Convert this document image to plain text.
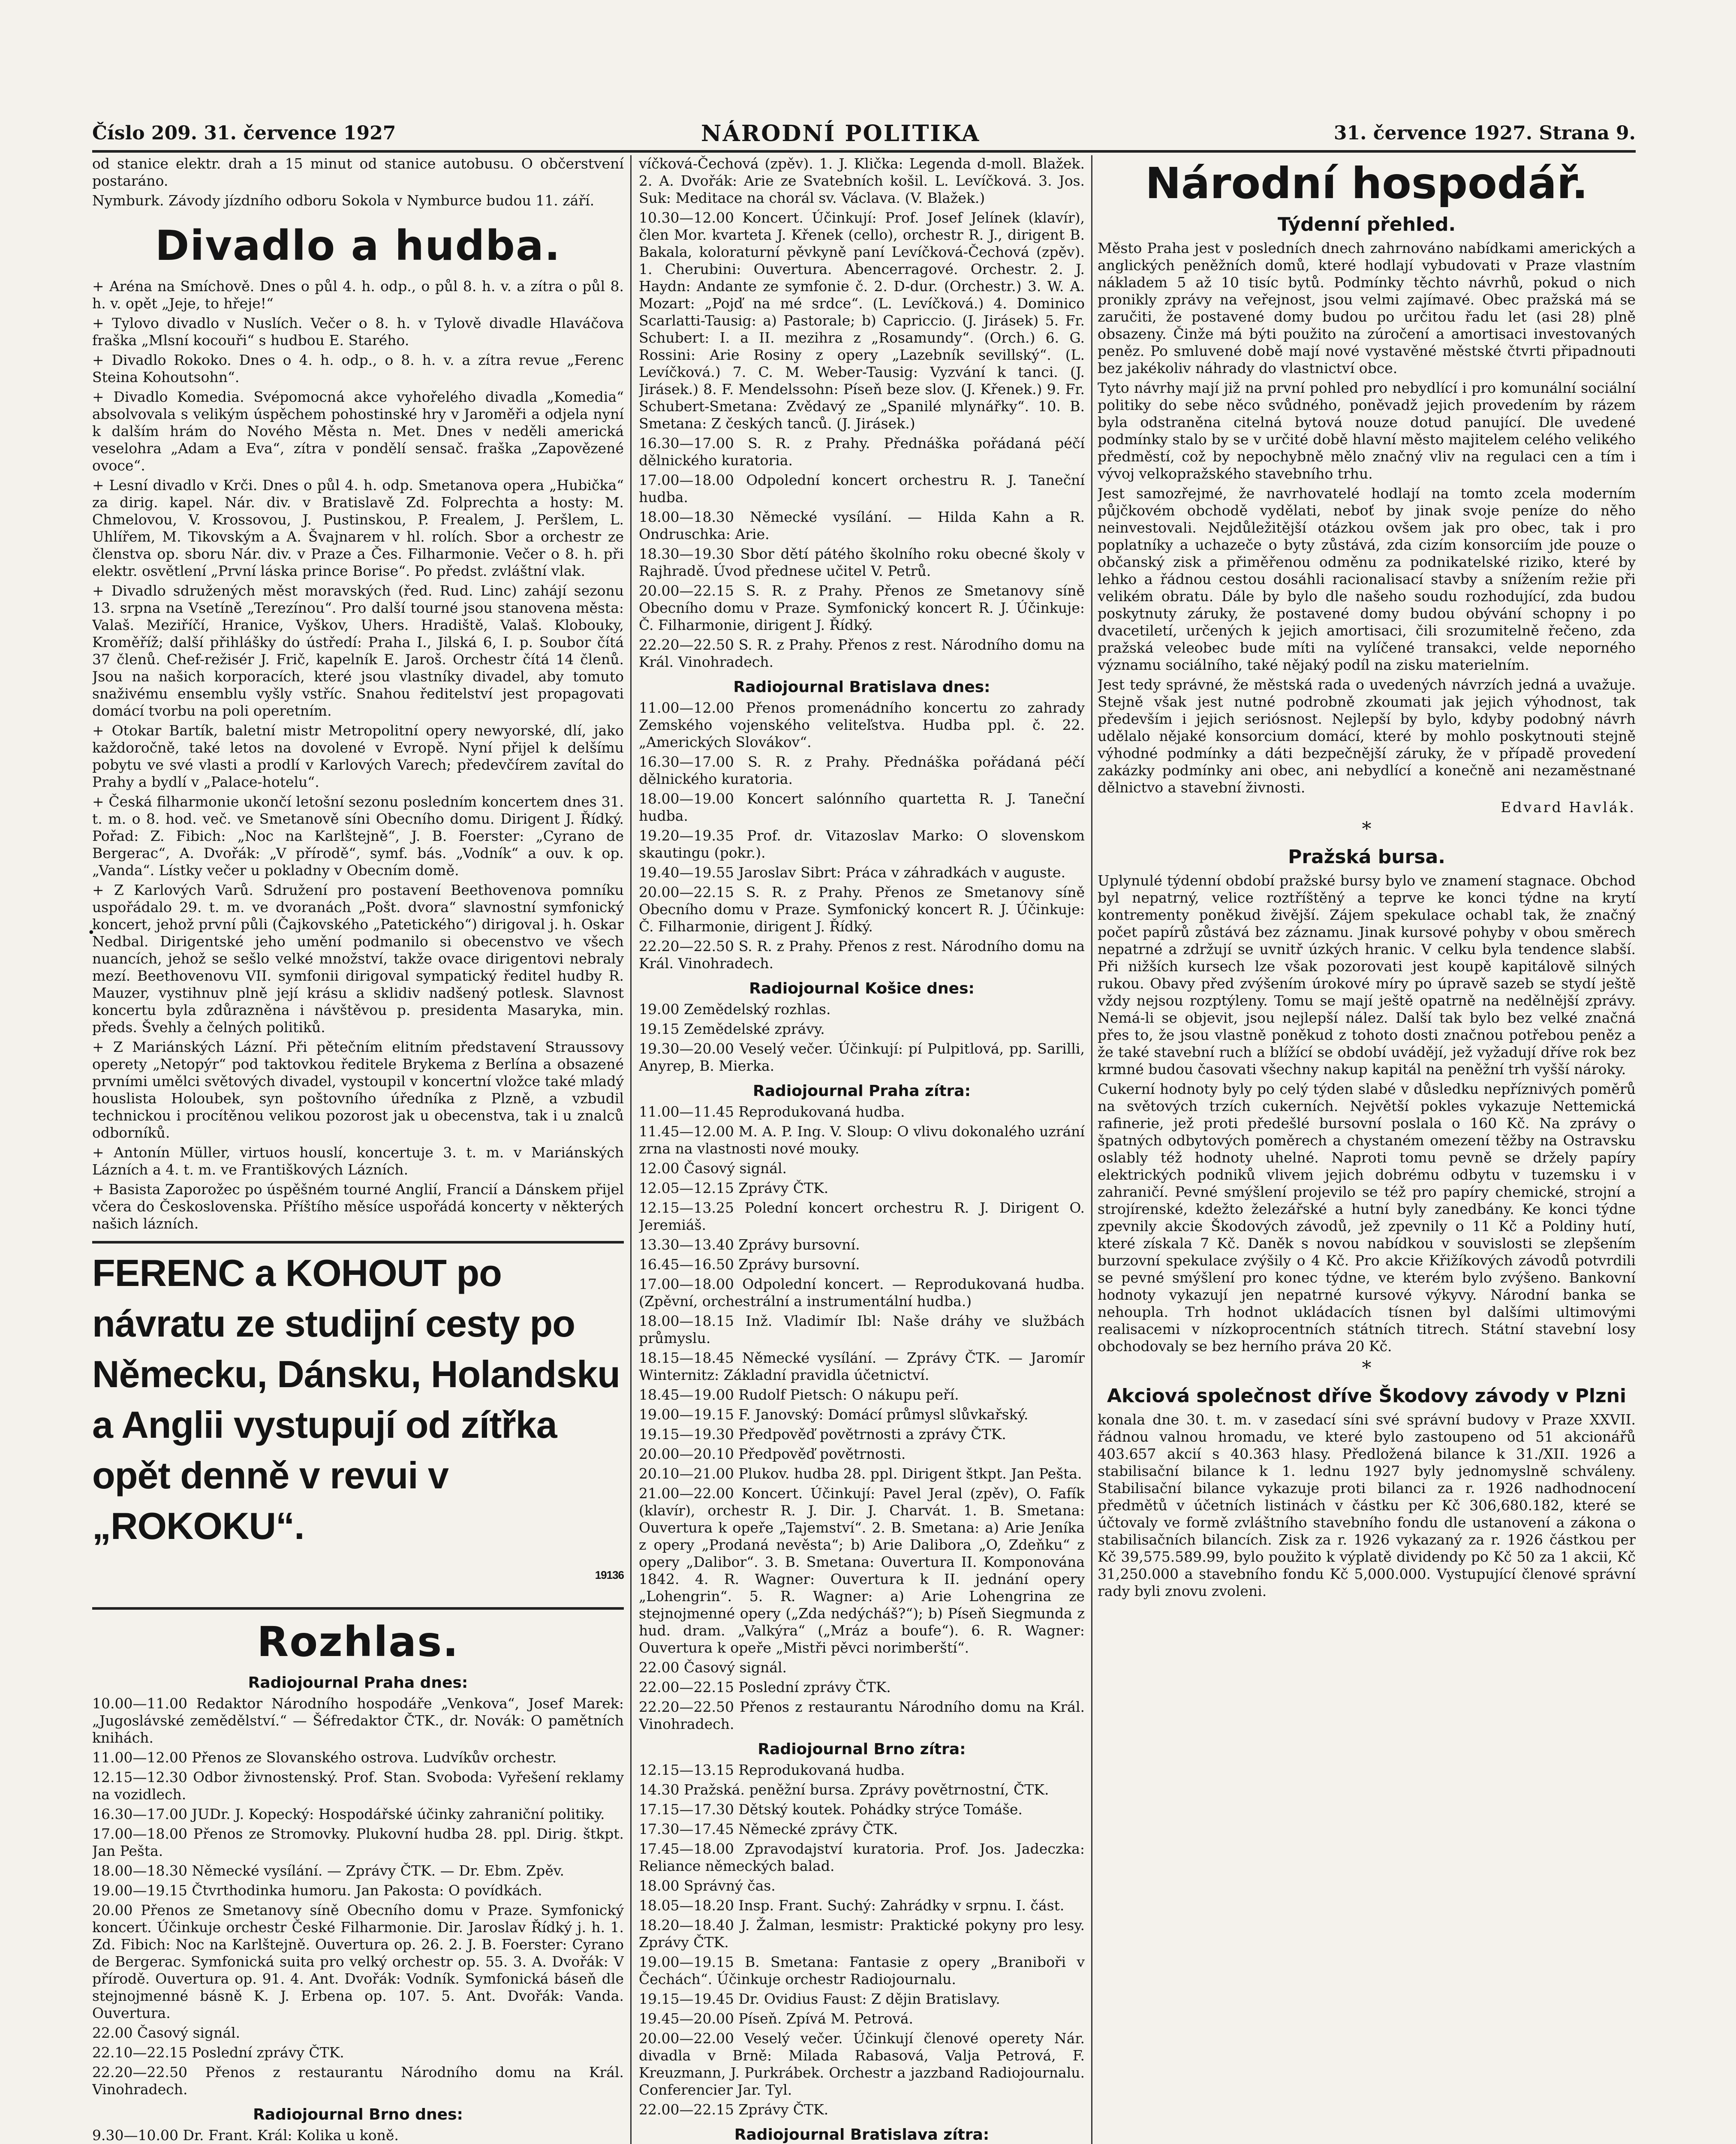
Číslo 209. 31. července 1927	NÁRODNÍ POLITIKA	31. července 1927. Strana 9.
•

od stanice elektr. drah a 15 minut od stanice autobusu. O občerstvení postaráno.

Nymburk. Závody jízdního odboru Sokola v Nymburce budou 11. září.

Divadlo a hudba.

+ Aréna na Smíchově. Dnes o půl 4. h. odp., o půl 8. h. v. a zítra o půl 8. h. v. opět „Jeje, to hřeje!“

+ Tylovo divadlo v Nuslích. Večer o 8. h. v Tylově divadle Hlaváčova fraška „Mlsní kocouři“ s hudbou E. Starého.

+ Divadlo Rokoko. Dnes o 4. h. odp., o 8. h. v. a zítra revue „Ferenc Steina Kohoutsohn“.

+ Divadlo Komedia. Svépomocná akce vyhořelého divadla „Komedia“ absolvovala s velikým úspěchem pohostinské hry v Jaroměři a odjela nyní k dalším hrám do Nového Města n. Met. Dnes v neděli americká veselohra „Adam a Eva“, zítra v pondělí sensač. fraška „Zapovězené ovoce“.

+ Lesní divadlo v Krči. Dnes o půl 4. h. odp. Smetanova opera „Hubička“ za dirig. kapel. Nár. div. v Bratislavě Zd. Folprechta a hosty: M. Chmelovou, V. Krossovou, J. Pustinskou, P. Frealem, J. Peršlem, L. Uhlířem, M. Tikovským a A. Švajnarem v hl. rolích. Sbor a orchestr ze členstva op. sboru Nár. div. v Praze a Čes. Filharmonie. Večer o 8. h. při elektr. osvětlení „První láska prince Borise“. Po předst. zvláštní vlak.

+ Divadlo sdružených měst moravských (řed. Rud. Linc) zahájí sezonu 13. srpna na Vsetíně „Terezínou“. Pro další tourné jsou stanovena města: Valaš. Meziříčí, Hranice, Vyškov, Uhers. Hradiště, Valaš. Klobouky, Kroměříž; další přihlášky do ústředí: Praha I., Jilská 6, I. p. Soubor čítá 37 členů. Chef-režisér J. Frič, kapelník E. Jaroš. Orchestr čítá 14 členů. Jsou na našich korporacích, které jsou vlastníky divadel, aby tomuto snaživému ensemblu vyšly vstříc. Snahou ředitelství jest propagovati domácí tvorbu na poli operetním.

+ Otokar Bartík, baletní mistr Metropolitní opery newyorské, dlí, jako každoročně, také letos na dovolené v Evropě. Nyní přijel k delšímu pobytu ve své vlasti a prodlí v Karlových Varech; předevčírem zavítal do Prahy a bydlí v „Palace-hotelu“.

+ Česká filharmonie ukončí letošní sezonu posledním koncertem dnes 31. t. m. o 8. hod. več. ve Smetanově síni Obecního domu. Dirigent J. Řídký. Pořad: Z. Fibich: „Noc na Karlštejně“, J. B. Foerster: „Cyrano de Bergerac“, A. Dvořák: „V přírodě“, symf. bás. „Vodník“ a ouv. k op. „Vanda“. Lístky večer u pokladny v Obecním domě.

+ Z Karlových Varů. Sdružení pro postavení Beethovenova pomníku uspořádalo 29. t. m. ve dvoranách „Pošt. dvora“ slavnostní symfonický koncert, jehož první půli (Čajkovského „Patetického“) dirigoval j. h. Oskar Nedbal. Dirigentské jeho umění podmanilo si obecenstvo ve všech nuancích, jehož se sešlo velké množství, takže ovace dirigentovi nebraly mezí. Beethovenovu VII. symfonii dirigoval sympatický ředitel hudby R. Mauzer, vystihnuv plně její krásu a sklidiv nadšený potlesk. Slavnost koncertu byla zdůrazněna i návštěvou p. presidenta Masaryka, min. předs. Švehly a čelných politiků.

+ Z Mariánských Lázní. Při pětečním elitním představení Straussovy operety „Netopýr“ pod taktovkou ředitele Brykema z Berlína a obsazené prvními umělci světových divadel, vystoupil v koncertní vložce také mladý houslista Holoubek, syn poštovního úředníka z Plzně, a vzbudil technickou i procítěnou velikou pozorost jak u obecenstva, tak i u znalců odborníků.

+ Antonín Müller, virtuos houslí, koncertuje 3. t. m. v Mariánských Lázních a 4. t. m. ve Františkových Lázních.

+ Basista Zaporožec po úspěšném tourné Anglií, Francií a Dánskem přijel včera do Československa. Příštího měsíce uspořádá koncerty v některých našich lázních.

FERENC a KOHOUT po návratu ze studijní cesty po Německu, Dánsku, Holandsku a Anglii vystupují od zítřka opět denně v revui v „ROKOKU“.

19136

Rozhlas.
Radiojournal Praha dnes:

10.00—11.00 Redaktor Národního hospodáře „Venkova“, Josef Marek: „Jugoslávské zemědělství.“ — Šéfredaktor ČTK., dr. Novák: O pamětních knihách.

11.00—12.00 Přenos ze Slovanského ostrova. Ludvíkův orchestr.

12.15—12.30 Odbor živnostenský. Prof. Stan. Svoboda: Vyřešení reklamy na vozidlech.

16.30—17.00 JUDr. J. Kopecký: Hospodářské účinky zahraniční politiky.

17.00—18.00 Přenos ze Stromovky. Plukovní hudba 28. ppl. Dirig. štkpt. Jan Pešta.

18.00—18.30 Německé vysílání. — Zprávy ČTK. — Dr. Ebm. Zpěv.

19.00—19.15 Čtvrthodinka humoru. Jan Pakosta: O povídkách.

20.00 Přenos ze Smetanovy síně Obecního domu v Praze. Symfonický koncert. Účinkuje orchestr České Filharmonie. Dir. Jaroslav Řídký j. h. 1. Zd. Fibich: Noc na Karlštejně. Ouvertura op. 26. 2. J. B. Foerster: Cyrano de Bergerac. Symfonická suita pro velký orchestr op. 55. 3. A. Dvořák: V přírodě. Ouvertura op. 91. 4. Ant. Dvořák: Vodník. Symfonická báseň dle stejnojmenné básně K. J. Erbena op. 107. 5. Ant. Dvořák: Vanda. Ouvertura.

22.00 Časový signál.

22.10—22.15 Poslední zprávy ČTK.

22.20—22.50 Přenos z restaurantu Národního domu na Král. Vinohradech.

Radiojournal Brno dnes:

9.30—10.00 Dr. Frant. Král: Kolika u koně.

víčková-Čechová (zpěv). 1. J. Klička: Legenda d-moll. Blažek. 2. A. Dvořák: Arie ze Svatebních košil. L. Levíčková. 3. Jos. Suk: Meditace na chorál sv. Václava. (V. Blažek.)

10.30—12.00 Koncert. Účinkují: Prof. Josef Jelínek (klavír), člen Mor. kvarteta J. Křenek (cello), orchestr R. J., dirigent B. Bakala, koloraturní pěvkyně paní Levíčková-Čechová (zpěv). 1. Cherubini: Ouvertura. Abencerragové. Orchestr. 2. J. Haydn: Andante ze symfonie č. 2. D-dur. (Orchestr.) 3. W. A. Mozart: „Pojď na mé srdce“. (L. Levíčková.) 4. Dominico Scarlatti-Tausig: a) Pastorale; b) Capriccio. (J. Jirásek) 5. Fr. Schubert: I. a II. mezihra z „Rosamundy“. (Orch.) 6. G. Rossini: Arie Rosiny z opery „Lazebník sevillský“. (L. Levíčková.) 7. C. M. Weber-Tausig: Vyzvání k tanci. (J. Jirásek.) 8. F. Mendelssohn: Píseň beze slov. (J. Křenek.) 9. Fr. Schubert-Smetana: Zvědavý ze „Spanilé mlynářky“. 10. B. Smetana: Z českých tanců. (J. Jirásek.)

16.30—17.00 S. R. z Prahy. Přednáška pořádaná péčí dělnického kuratoria.

17.00—18.00 Odpolední koncert orchestru R. J. Taneční hudba.

18.00—18.30 Německé vysílání. — Hilda Kahn a R. Ondruschka: Arie.

18.30—19.30 Sbor dětí pátého školního roku obecné školy v Rajhradě. Úvod přednese učitel V. Petrů.

20.00—22.15 S. R. z Prahy. Přenos ze Smetanovy síně Obecního domu v Praze. Symfonický koncert R. J. Účinkuje: Č. Filharmonie, dirigent J. Řídký.

22.20—22.50 S. R. z Prahy. Přenos z rest. Národního domu na Král. Vinohradech.

Radiojournal Bratislava dnes:

11.00—12.00 Přenos promenádního koncertu zo zahrady Zemského vojenského veliteľstva. Hudba ppl. č. 22. „Amerických Slovákov“.

16.30—17.00 S. R. z Prahy. Přednáška pořádaná péčí dělnického kuratoria.

18.00—19.00 Koncert salónního quartetta R. J. Taneční hudba.

19.20—19.35 Prof. dr. Vitazoslav Marko: O slovenskom skautingu (pokr.).

19.40—19.55 Jaroslav Sibrt: Práca v záhradkách v auguste.

20.00—22.15 S. R. z Prahy. Přenos ze Smetanovy síně Obecního domu v Praze. Symfonický koncert R. J. Účinkuje: Č. Filharmonie, dirigent J. Řídký.

22.20—22.50 S. R. z Prahy. Přenos z rest. Národního domu na Král. Vinohradech.

Radiojournal Košice dnes:

19.00 Zemědelský rozhlas.

19.15 Zemědelské zprávy.

19.30—20.00 Veselý večer. Účinkují: pí Pulpitlová, pp. Sarilli, Anyrep, B. Mierka.

Radiojournal Praha zítra:

11.00—11.45 Reprodukovaná hudba.

11.45—12.00 M. A. P. Ing. V. Sloup: O vlivu dokonalého uzrání zrna na vlastnosti nové mouky.

12.00 Časový signál.

12.05—12.15 Zprávy ČTK.

12.15—13.25 Polední koncert orchestru R. J. Dirigent O. Jeremiáš.

13.30—13.40 Zprávy bursovní.

16.45—16.50 Zprávy bursovní.

17.00—18.00 Odpolední koncert. — Reprodukovaná hudba. (Zpěvní, orchestrální a instrumentální hudba.)

18.00—18.15 Inž. Vladimír Ibl: Naše dráhy ve službách průmyslu.

18.15—18.45 Německé vysílání. — Zprávy ČTK. — Jaromír Winternitz: Základní pravidla účetnictví.

18.45—19.00 Rudolf Pietsch: O nákupu peří.

19.00—19.15 F. Janovský: Domácí průmysl slůvkařský.

19.15—19.30 Předpověď povětrnosti a zprávy ČTK.

20.00—20.10 Předpověď povětrnosti.

20.10—21.00 Plukov. hudba 28. ppl. Dirigent štkpt. Jan Pešta.

21.00—22.00 Koncert. Účinkují: Pavel Jeral (zpěv), O. Fafík (klavír), orchestr R. J. Dir. J. Charvát. 1. B. Smetana: Ouvertura k opeře „Tajemství“. 2. B. Smetana: a) Arie Jeníka z opery „Prodaná nevěsta“; b) Arie Dalibora „O, Zdeňku“ z opery „Dalibor“. 3. B. Smetana: Ouvertura II. Komponována 1842. 4. R. Wagner: Ouvertura k II. jednání opery „Lohengrin“. 5. R. Wagner: a) Arie Lohengrina ze stejnojmenné opery („Zda nedýcháš?“); b) Píseň Siegmunda z hud. dram. „Valkýra“ („Mráz a boufe“). 6. R. Wagner: Ouvertura k opeře „Mistři pěvci norimberští“.

22.00 Časový signál.

22.00—22.15 Poslední zprávy ČTK.

22.20—22.50 Přenos z restaurantu Národního domu na Král. Vinohradech.

Radiojournal Brno zítra:

12.15—13.15 Reprodukovaná hudba.

14.30 Pražská. peněžní bursa. Zprávy povětrnostní, ČTK.

17.15—17.30 Dětský koutek. Pohádky strýce Tomáše.

17.30—17.45 Německé zprávy ČTK.

17.45—18.00 Zpravodajství kuratoria. Prof. Jos. Jadeczka: Reliance německých balad.

18.00 Správný čas.

18.05—18.20 Insp. Frant. Suchý: Zahrádky v srpnu. I. část.

18.20—18.40 J. Žalman, lesmistr: Praktické pokyny pro lesy. Zprávy ČTK.

19.00—19.15 B. Smetana: Fantasie z opery „Braniboři v Čechách“. Účinkuje orchestr Radiojournalu.

19.15—19.45 Dr. Ovidius Faust: Z dějin Bratislavy.

19.45—20.00 Píseň. Zpívá M. Petrová.

20.00—22.00 Veselý večer. Účinkují členové operety Nár. divadla v Brně: Milada Rabasová, Valja Petrová, F. Kreuzmann, J. Purkrábek. Orchestr a jazzband Radiojournalu. Conferencier Jar. Tyl.

22.00—22.15 Zprávy ČTK.

Radiojournal Bratislava zítra:

Národní hospodář.
Týdenní přehled.

Město Praha jest v posledních dnech zahrnováno nabídkami amerických a anglických peněžních domů, které hodlají vybudovati v Praze vlastním nákladem 5 až 10 tisíc bytů. Podmínky těchto návrhů, pokud o nich pronikly zprávy na veřejnost, jsou velmi zajímavé. Obec pražská má se zaručiti, že postavené domy budou po určitou řadu let (asi 28) plně obsazeny. Činže má býti použito na zúročení a amortisaci investovaných peněz. Po smluvené době mají nové vystavěné městské čtvrti připadnouti bez jakékoliv náhrady do vlastnictví obce.

Tyto návrhy mají již na první pohled pro nebydlící i pro komunální sociální politiky do sebe něco svůdného, poněvadž jejich provedením by rázem byla odstraněna citelná bytová nouze dotud panující. Dle uvedené podmínky stalo by se v určité době hlavní město majitelem celého velikého předměstí, což by nepochybně mělo značný vliv na regulaci cen a tím i vývoj velkopražského stavebního trhu.

Jest samozřejmé, že navrhovatelé hodlají na tomto zcela moderním půjčkovém obchodě vydělati, neboť by jinak svoje peníze do něho neinvestovali. Nejdůležitější otázkou ovšem jak pro obec, tak i pro poplatníky a uchazeče o byty zůstává, zda cizím konsorciím jde pouze o občanský zisk a přiměřenou odměnu za podnikatelské riziko, které by lehko a řádnou cestou dosáhli racionalisací stavby a snížením režie při velikém obratu. Dále by bylo dle našeho soudu rozhodující, zda budou poskytnuty záruky, že postavené domy budou obývání schopny i po dvacetiletí, určených k jejich amortisaci, čili srozumitelně řečeno, zda pražská veleobec bude míti na vylíčené transakci, velde neporného významu sociálního, také nějaký podíl na zisku materielním.

Jest tedy správné, že městská rada o uvedených návrzích jedná a uvažuje. Stejně však jest nutné podrobně zkoumati jak jejich výhodnost, tak především i jejich seriósnost. Nejlepší by bylo, kdyby podobný návrh udělalo nějaké konsorcium domácí, které by mohlo poskytnouti stejně výhodné podmínky a dáti bezpečnější záruky, že v případě provedení zakázky podmínky ani obec, ani nebydlící a konečně ani nezaměstnané dělnictvo a stavební živnosti.

Edvard Havlák.

*
Pražská bursa.

Uplynulé týdenní období pražské bursy bylo ve znamení stagnace. Obchod byl nepatrný, velice roztříštěný a teprve ke konci týdne na krytí kontrementy poněkud živější. Zájem spekulace ochabl tak, že značný počet papírů zůstává bez záznamu. Jinak kursové pohyby v obou směrech nepatrné a zdržují se uvnitř úzkých hranic. V celku byla tendence slabší. Při nižších kursech lze však pozorovati jest koupě kapitálově silných rukou. Obavy před zvýšením úrokové míry po úpravě sazeb se stydí ještě vždy nejsou rozptýleny. Tomu se mají ještě opatrně na nedělnější zprávy. Nemá-li se objevit, jsou nejlepší nález. Další tak bylo bez velké značná přes to, že jsou vlastně poněkud z tohoto dosti značnou potřebou peněz a že také stavební ruch a blížící se období uvádějí, jež vyžadují dříve rok bez krmné budou časovati všechny nakup kapitál na peněžní trh vyšší nároky.

Cukerní hodnoty byly po celý týden slabé v důsledku nepříznivých poměrů na světových trzích cukerních. Největší pokles vykazuje Nettemická rafinerie, jež proti předešlé bursovní poslala o 160 Kč. Na zprávy o špatných odbytových poměrech a chystaném omezení těžby na Ostravsku oslably též hodnoty uhelné. Naproti tomu pevně se držely papíry elektrických podniků vlivem jejich dobrému odbytu v tuzemsku i v zahraničí. Pevné smýšlení projevilo se též pro papíry chemické, strojní a strojírenské, kdežto železářské a hutní byly zanedbány. Ke konci týdne zpevnily akcie Škodových závodů, jež zpevnily o 11 Kč a Poldiny hutí, které získala 7 Kč. Daněk s novou nabídkou v souvislosti se zlepšením burzovní spekulace zvýšily o 4 Kč. Pro akcie Křižíkových závodů potvrdili se pevné smýšlení pro konec týdne, ve kterém bylo zvýšeno. Bankovní hodnoty vykazují jen nepatrné kursové výkyvy. Národní banka se nehoupla. Trh hodnot ukládacích tísnen byl dalšími ultimovými realisacemi v nízkoprocentních státních titrech. Státní stavební losy obchodovaly se bez herního práva 20 Kč.

*
Akciová společnost dříve Škodovy závody v Plzni

konala dne 30. t. m. v zasedací síni své správní budovy v Praze XXVII. řádnou valnou hromadu, ve které bylo zastoupeno od 51 akcionářů 403.657 akcií s 40.363 hlasy. Předložená bilance k 31./XII. 1926 a stabilisační bilance k 1. lednu 1927 byly jednomyslně schváleny. Stabilisační bilance vykazuje proti bilanci za r. 1926 nadhodnocení předmětů v účetních listinách v částku per Kč 306,680.182, které se účtovaly ve formě zvláštního stavebního fondu dle ustanovení a zákona o stabilisačních bilancích. Zisk za r. 1926 vykazaný za r. 1926 částkou per Kč 39,575.589.99, bylo použito k výplatě dividendy po Kč 50 za 1 akcii, Kč 31,250.000 a stavebního fondu Kč 5,000.000. Vystupující členové správní rady byli znovu zvoleni.
